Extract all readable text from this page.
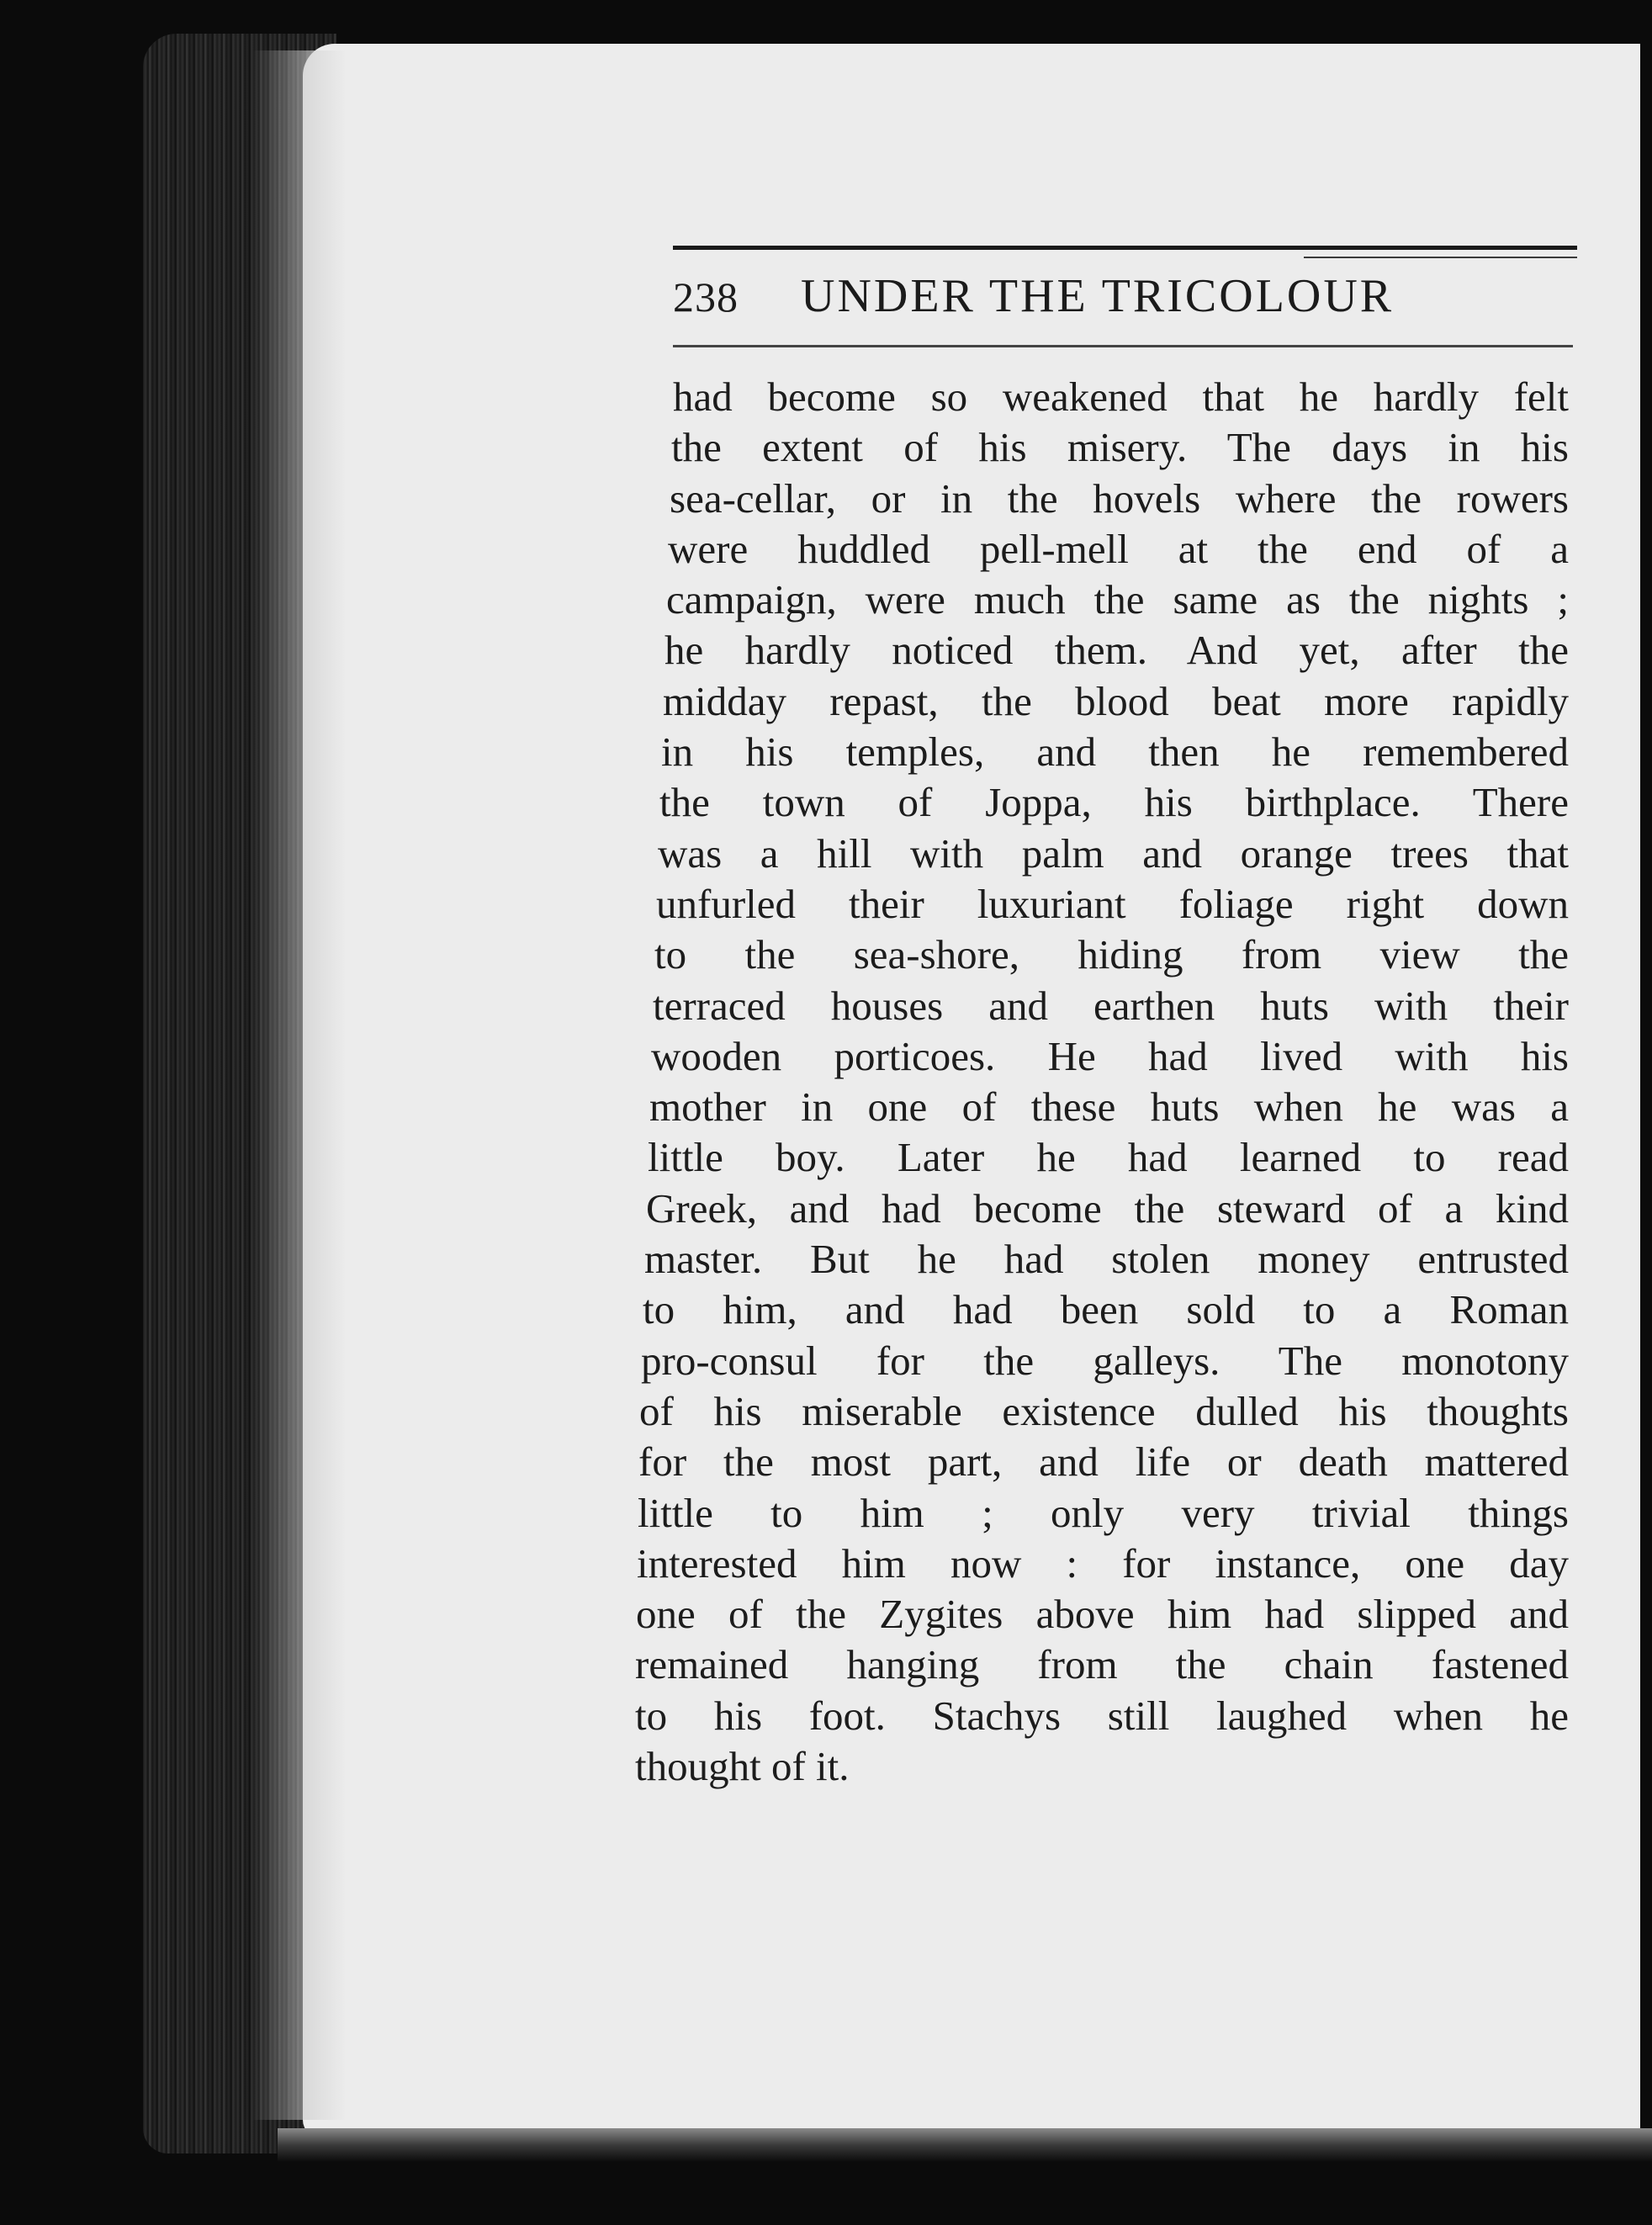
238 UNDER THE TRICOLOUR
had become so weakened that he hardly felt
the extent of his misery. The days in his
sea-cellar, or in the hovels where the rowers
were huddled pell-mell at the end of a
campaign, were much the same as the nights ;
he hardly noticed them. And yet, after the
midday repast, the blood beat more rapidly
in his temples, and then he remembered
the town of Joppa, his birthplace. There
was a hill with palm and orange trees that
unfurled their luxuriant foliage right down
to the sea-shore, hiding from view the
terraced houses and earthen huts with their
wooden porticoes. He had lived with his
mother in one of these huts when he was a
little boy. Later he had learned to read
Greek, and had become the steward of a kind
master. But he had stolen money entrusted
to him, and had been sold to a Roman
pro-consul for the galleys. The monotony
of his miserable existence dulled his thoughts
for the most part, and life or death mattered
little to him ; only very trivial things
interested him now : for instance, one day
one of the Zygites above him had slipped and
remained hanging from the chain fastened
to his foot. Stachys still laughed when he
thought of it.
